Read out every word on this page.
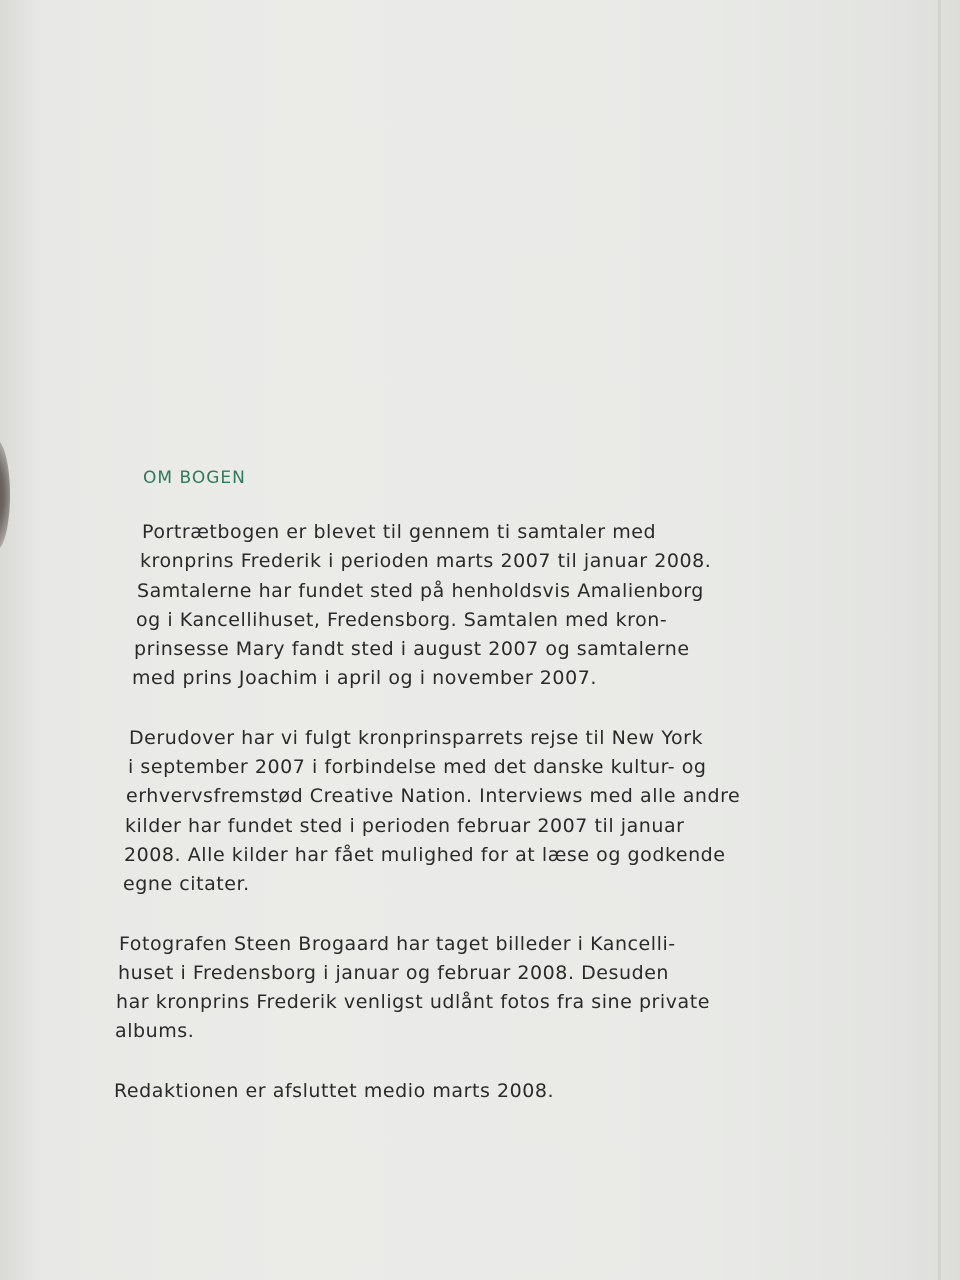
OM BOGEN

Portrætbogen er blevet til gennem ti samtaler med
kronprins Frederik i perioden marts 2007 til januar 2008.
Samtalerne har fundet sted på henholdsvis Amalienborg
og i Kancellihuset, Fredensborg. Samtalen med kron-
prinsesse Mary fandt sted i august 2007 og samtalerne
med prins Joachim i april og i november 2007.

Derudover har vi fulgt kronprinsparrets rejse til New York
i september 2007 i forbindelse med det danske kultur- og
erhvervsfremstød Creative Nation. Interviews med alle andre
kilder har fundet sted i perioden februar 2007 til januar
2008. Alle kilder har fået mulighed for at læse og godkende
egne citater.

Fotografen Steen Brogaard har taget billeder i Kancelli-
huset i Fredensborg i januar og februar 2008. Desuden
har kronprins Frederik venligst udlånt fotos fra sine private
albums.

Redaktionen er afsluttet medio marts 2008.
